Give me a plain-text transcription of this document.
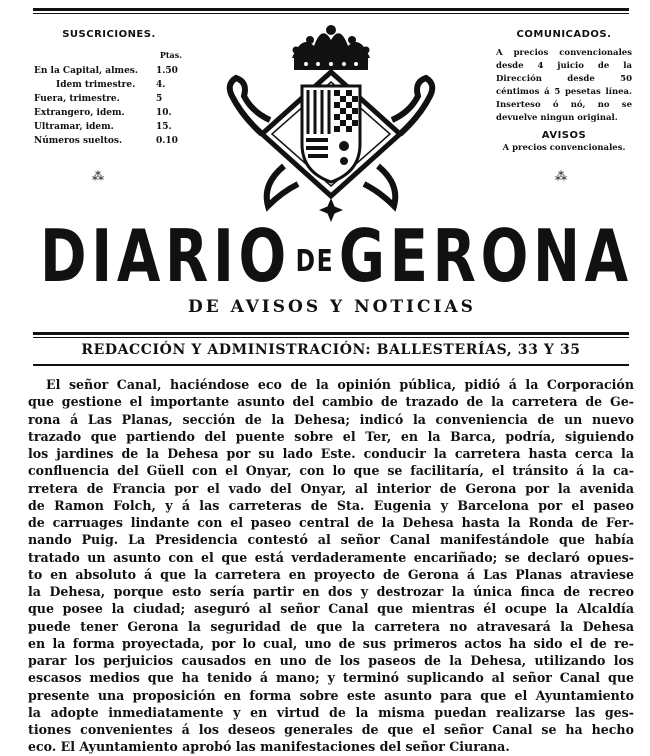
SUSCRICIONES.
Ptas.
En la Capital, almes.	1.50
Idem trimestre.	4.
Fuera, trimestre.	5
Extrangero, idem.	10.
Ultramar, idem.	15.
Números sueltos.	0.10
⁂
COMUNICADOS.
A precios convencionales desde 4 juicio de la Dirección desde 50 céntimos á 5 pesetas línea. Inserteso ó nó, no se devuelve ningun original.
AVISOS
A precios convencionales.
⁂
DIARIO DEGERONA
DE AVISOS Y NOTICIAS
REDACCIÓN Y ADMINISTRACIÓN: BALLESTERÍAS, 33 Y 35
El señor Canal, haciéndose eco de la opinión pública, pidió á la Corporación
que gestione el importante asunto del cambio de trazado de la carretera de Ge-
rona á Las Planas, sección de la Dehesa; indicó la conveniencia de un nuevo
trazado que partiendo del puente sobre el Ter, en la Barca, podría, siguiendo
los jardines de la Dehesa por su lado Este. conducir la carretera hasta cerca la
confluencia del Güell con el Onyar, con lo que se facilitaría, el tránsito á la ca-
rretera de Francia por el vado del Onyar, al interior de Gerona por la avenida
de Ramon Folch, y á las carreteras de Sta. Eugenia y Barcelona por el paseo
de carruages lindante con el paseo central de la Dehesa hasta la Ronda de Fer-
nando Puig. La Presidencia contestó al señor Canal manifestándole que había
tratado un asunto con el que está verdaderamente encariñado; se declaró opues-
to en absoluto á que la carretera en proyecto de Gerona á Las Planas atraviese
la Dehesa, porque esto sería partir en dos y destrozar la única finca de recreo
que posee la ciudad; aseguró al señor Canal que mientras él ocupe la Alcaldía
puede tener Gerona la seguridad de que la carretera no atravesará la Dehesa
en la forma proyectada, por lo cual, uno de sus primeros actos ha sido el de re-
parar los perjuicios causados en uno de los paseos de la Dehesa, utilizando los
escasos medios que ha tenido á mano; y terminó suplicando al señor Canal que
presente una proposición en forma sobre este asunto para que el Ayuntamiento
la adopte inmediatamente y en virtud de la misma puedan realizarse las ges-
tiones convenientes á los deseos generales de que el señor Canal se ha hecho
eco. El Ayuntamiento aprobó las manifestaciones del señor Ciurana.
